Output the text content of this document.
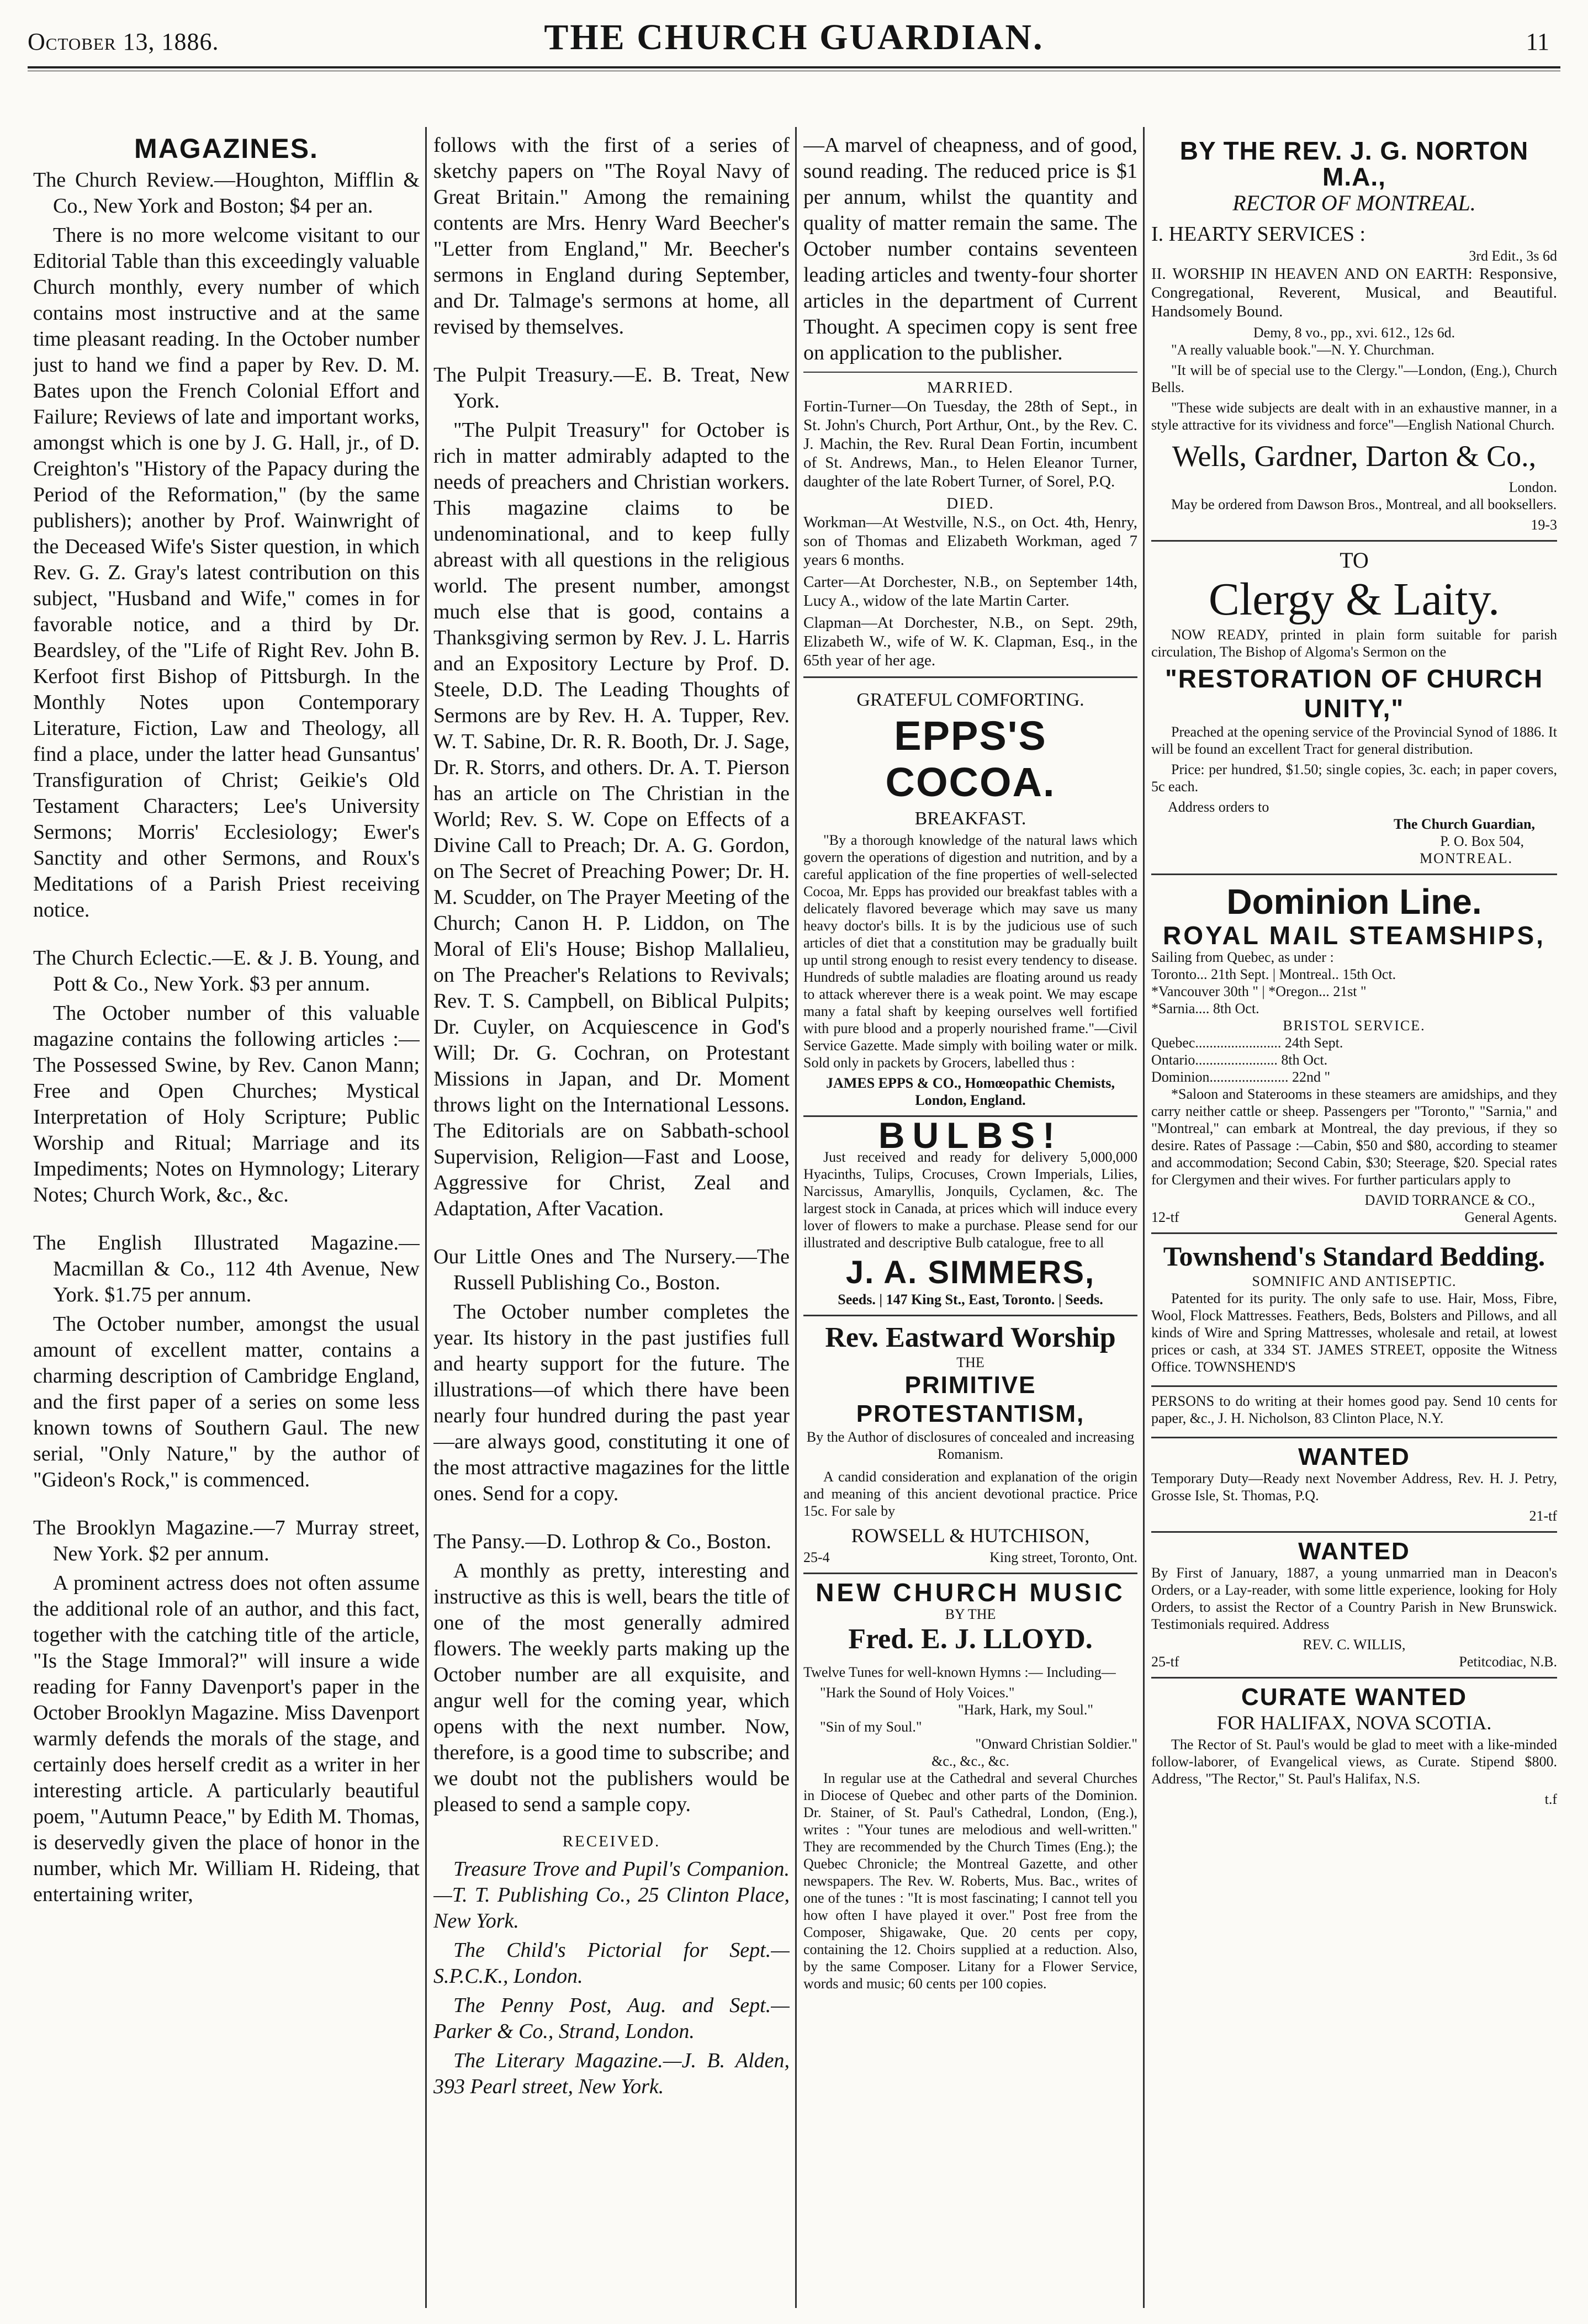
October 13, 1886.	THE CHURCH GUARDIAN.	11
MAGAZINES.

The Church Review.—Houghton, Mifflin & Co., New York and Boston; $4 per an.

There is no more welcome visitant to our Editorial Table than this exceedingly valuable Church monthly, every number of which contains most instructive and at the same time pleasant reading. In the October number just to hand we find a paper by Rev. D. M. Bates upon the French Colonial Effort and Failure; Reviews of late and important works, amongst which is one by J. G. Hall, jr., of D. Creighton's "History of the Papacy during the Period of the Reformation," (by the same publishers); another by Prof. Wainwright of the Deceased Wife's Sister question, in which Rev. G. Z. Gray's latest contribution on this subject, "Husband and Wife," comes in for favorable notice, and a third by Dr. Beardsley, of the "Life of Right Rev. John B. Kerfoot first Bishop of Pittsburgh. In the Monthly Notes upon Contemporary Literature, Fiction, Law and Theology, all find a place, under the latter head Gunsantus' Transfiguration of Christ; Geikie's Old Testament Characters; Lee's University Sermons; Morris' Ecclesiology; Ewer's Sanctity and other Sermons, and Roux's Meditations of a Parish Priest receiving notice.

The Church Eclectic.—E. & J. B. Young, and Pott & Co., New York. $3 per annum.

The October number of this valuable magazine contains the following articles :—The Possessed Swine, by Rev. Canon Mann; Free and Open Churches; Mystical Interpretation of Holy Scripture; Public Worship and Ritual; Marriage and its Impediments; Notes on Hymnology; Literary Notes; Church Work, &c., &c.

The English Illustrated Magazine.—Macmillan & Co., 112 4th Avenue, New York. $1.75 per annum.

The October number, amongst the usual amount of excellent matter, contains a charming description of Cambridge England, and the first paper of a series on some less known towns of Southern Gaul. The new serial, "Only Nature," by the author of "Gideon's Rock," is commenced.

The Brooklyn Magazine.—7 Murray street, New York. $2 per annum.

A prominent actress does not often assume the additional role of an author, and this fact, together with the catching title of the article, "Is the Stage Immoral?" will insure a wide reading for Fanny Davenport's paper in the October Brooklyn Magazine. Miss Davenport warmly defends the morals of the stage, and certainly does herself credit as a writer in her interesting article. A particularly beautiful poem, "Autumn Peace," by Edith M. Thomas, is deservedly given the place of honor in the number, which Mr. William H. Rideing, that entertaining writer,

follows with the first of a series of sketchy papers on "The Royal Navy of Great Britain." Among the remaining contents are Mrs. Henry Ward Beecher's "Letter from England," Mr. Beecher's sermons in England during September, and Dr. Talmage's sermons at home, all revised by themselves.

The Pulpit Treasury.—E. B. Treat, New York.

"The Pulpit Treasury" for October is rich in matter admirably adapted to the needs of preachers and Christian workers. This magazine claims to be undenominational, and to keep fully abreast with all questions in the religious world. The present number, amongst much else that is good, contains a Thanksgiving sermon by Rev. J. L. Harris and an Expository Lecture by Prof. D. Steele, D.D. The Leading Thoughts of Sermons are by Rev. H. A. Tupper, Rev. W. T. Sabine, Dr. R. R. Booth, Dr. J. Sage, Dr. R. Storrs, and others. Dr. A. T. Pierson has an article on The Christian in the World; Rev. S. W. Cope on Effects of a Divine Call to Preach; Dr. A. G. Gordon, on The Secret of Preaching Power; Dr. H. M. Scudder, on The Prayer Meeting of the Church; Canon H. P. Liddon, on The Moral of Eli's House; Bishop Mallalieu, on The Preacher's Relations to Revivals; Rev. T. S. Campbell, on Biblical Pulpits; Dr. Cuyler, on Acquiescence in God's Will; Dr. G. Cochran, on Protestant Missions in Japan, and Dr. Moment throws light on the International Lessons. The Editorials are on Sabbath-school Supervision, Religion—Fast and Loose, Aggressive for Christ, Zeal and Adaptation, After Vacation.

Our Little Ones and The Nursery.—The Russell Publishing Co., Boston.

The October number completes the year. Its history in the past justifies full and hearty support for the future. The illustrations—of which there have been nearly four hundred during the past year—are always good, constituting it one of the most attractive magazines for the little ones. Send for a copy.

The Pansy.—D. Lothrop & Co., Boston.

A monthly as pretty, interesting and instructive as this is well, bears the title of one of the most generally admired flowers. The weekly parts making up the October number are all exquisite, and angur well for the coming year, which opens with the next number. Now, therefore, is a good time to subscribe; and we doubt not the publishers would be pleased to send a sample copy.

RECEIVED.

Treasure Trove and Pupil's Companion.—T. T. Publishing Co., 25 Clinton Place, New York.

The Child's Pictorial for Sept.—S.P.C.K., London.

The Penny Post, Aug. and Sept.—Parker & Co., Strand, London.

The Literary Magazine.—J. B. Alden, 393 Pearl street, New York.

—A marvel of cheapness, and of good, sound reading. The reduced price is $1 per annum, whilst the quantity and quality of matter remain the same. The October number contains seventeen leading articles and twenty-four shorter articles in the department of Current Thought. A specimen copy is sent free on application to the publisher.

MARRIED.

Fortin-Turner—On Tuesday, the 28th of Sept., in St. John's Church, Port Arthur, Ont., by the Rev. C. J. Machin, the Rev. Rural Dean Fortin, incumbent of St. Andrews, Man., to Helen Eleanor Turner, daughter of the late Robert Turner, of Sorel, P.Q.

DIED.

Workman—At Westville, N.S., on Oct. 4th, Henry, son of Thomas and Elizabeth Workman, aged 7 years 6 months.

Carter—At Dorchester, N.B., on September 14th, Lucy A., widow of the late Martin Carter.

Clapman—At Dorchester, N.B., on Sept. 29th, Elizabeth W., wife of W. K. Clapman, Esq., in the 65th year of her age.

GRATEFUL COMFORTING.
EPPS'S COCOA.
BREAKFAST.

"By a thorough knowledge of the natural laws which govern the operations of digestion and nutrition, and by a careful application of the fine properties of well-selected Cocoa, Mr. Epps has provided our breakfast tables with a delicately flavored beverage which may save us many heavy doctor's bills. It is by the judicious use of such articles of diet that a constitution may be gradually built up until strong enough to resist every tendency to disease. Hundreds of subtle maladies are floating around us ready to attack wherever there is a weak point. We may escape many a fatal shaft by keeping ourselves well fortified with pure blood and a properly nourished frame."—Civil Service Gazette. Made simply with boiling water or milk. Sold only in packets by Grocers, labelled thus :

JAMES EPPS & CO., Homœopathic Chemists, London, England.
BULBS!

Just received and ready for delivery 5,000,000 Hyacinths, Tulips, Crocuses, Crown Imperials, Lilies, Narcissus, Amaryllis, Jonquils, Cyclamen, &c. The largest stock in Canada, at prices which will induce every lover of flowers to make a purchase. Please send for our illustrated and descriptive Bulb catalogue, free to all

J. A. SIMMERS,
Seeds. | 147 King St., East, Toronto. | Seeds.
Rev. Eastward Worship
THE
PRIMITIVE PROTESTANTISM,
By the Author of disclosures of concealed and increasing Romanism.

A candid consideration and explanation of the origin and meaning of this ancient devotional practice. Price 15c. For sale by

ROWSELL & HUTCHISON,
25-4	King street, Toronto, Ont.
NEW CHURCH MUSIC
BY THE
Fred. E. J. LLOYD.

Twelve Tunes for well-known Hymns :— Including—

"Hark the Sound of Holy Voices."
"Hark, Hark, my Soul."
"Sin of my Soul."
"Onward Christian Soldier."
&c., &c., &c.

In regular use at the Cathedral and several Churches in Diocese of Quebec and other parts of the Dominion. Dr. Stainer, of St. Paul's Cathedral, London, (Eng.), writes : "Your tunes are melodious and well-written." They are recommended by the Church Times (Eng.); the Quebec Chronicle; the Montreal Gazette, and other newspapers. The Rev. W. Roberts, Mus. Bac., writes of one of the tunes : "It is most fascinating; I cannot tell you how often I have played it over." Post free from the Composer, Shigawake, Que. 20 cents per copy, containing the 12. Choirs supplied at a reduction. Also, by the same Composer. Litany for a Flower Service, words and music; 60 cents per 100 copies.

BY THE REV. J. G. NORTON M.A.,
RECTOR OF MONTREAL.
I. HEARTY SERVICES :
3rd Edit., 3s 6d

II. WORSHIP IN HEAVEN AND ON EARTH: Responsive, Congregational, Reverent, Musical, and Beautiful. Handsomely Bound.

Demy, 8 vo., pp., xvi. 612., 12s 6d.

"A really valuable book."—N. Y. Churchman.

"It will be of special use to the Clergy."—London, (Eng.), Church Bells.

"These wide subjects are dealt with in an exhaustive manner, in a style attractive for its vividness and force"—English National Church.

Wells, Gardner, Darton & Co.,
London.

May be ordered from Dawson Bros., Montreal, and all booksellers.

19-3
TO
Clergy & Laity.

NOW READY, printed in plain form suitable for parish circulation, The Bishop of Algoma's Sermon on the

"RESTORATION OF CHURCH UNITY,"

Preached at the opening service of the Provincial Synod of 1886. It will be found an excellent Tract for general distribution.

Price: per hundred, $1.50; single copies, 3c. each; in paper covers, 5c each.

Address orders to
The Church Guardian,
P. O. Box 504,
MONTREAL.
Dominion Line.
ROYAL MAIL STEAMSHIPS,
Sailing from Quebec, as under :
Toronto... 21th Sept. | Montreal.. 15th Oct.
*Vancouver 30th " | *Oregon... 21st "
*Sarnia.... 8th Oct.
BRISTOL SERVICE.
Quebec........................ 24th Sept.
Ontario....................... 8th Oct.
Dominion...................... 22nd "

*Saloon and Staterooms in these steamers are amidships, and they carry neither cattle or sheep. Passengers per "Toronto," "Sarnia," and "Montreal," can embark at Montreal, the day previous, if they so desire. Rates of Passage :—Cabin, $50 and $80, according to steamer and accommodation; Second Cabin, $30; Steerage, $20. Special rates for Clergymen and their wives. For further particulars apply to

DAVID TORRANCE & CO.,
12-tf	General Agents.
Townshend's Standard Bedding.
SOMNIFIC AND ANTISEPTIC.

Patented for its purity. The only safe to use. Hair, Moss, Fibre, Wool, Flock Mattresses. Feathers, Beds, Bolsters and Pillows, and all kinds of Wire and Spring Mattresses, wholesale and retail, at lowest prices or cash, at 334 ST. JAMES STREET, opposite the Witness Office. TOWNSHEND'S

PERSONS to do writing at their homes good pay. Send 10 cents for paper, &c., J. H. Nicholson, 83 Clinton Place, N.Y.

WANTED

Temporary Duty—Ready next November Address, Rev. H. J. Petry, Grosse Isle, St. Thomas, P.Q.

21-tf
WANTED

By First of January, 1887, a young unmarried man in Deacon's Orders, or a Lay-reader, with some little experience, looking for Holy Orders, to assist the Rector of a Country Parish in New Brunswick. Testimonials required. Address

REV. C. WILLIS,
25-tf	Petitcodiac, N.B.
CURATE WANTED
FOR HALIFAX, NOVA SCOTIA.

The Rector of St. Paul's would be glad to meet with a like-minded follow-laborer, of Evangelical views, as Curate. Stipend $800. Address, "The Rector," St. Paul's Halifax, N.S.

t.f
